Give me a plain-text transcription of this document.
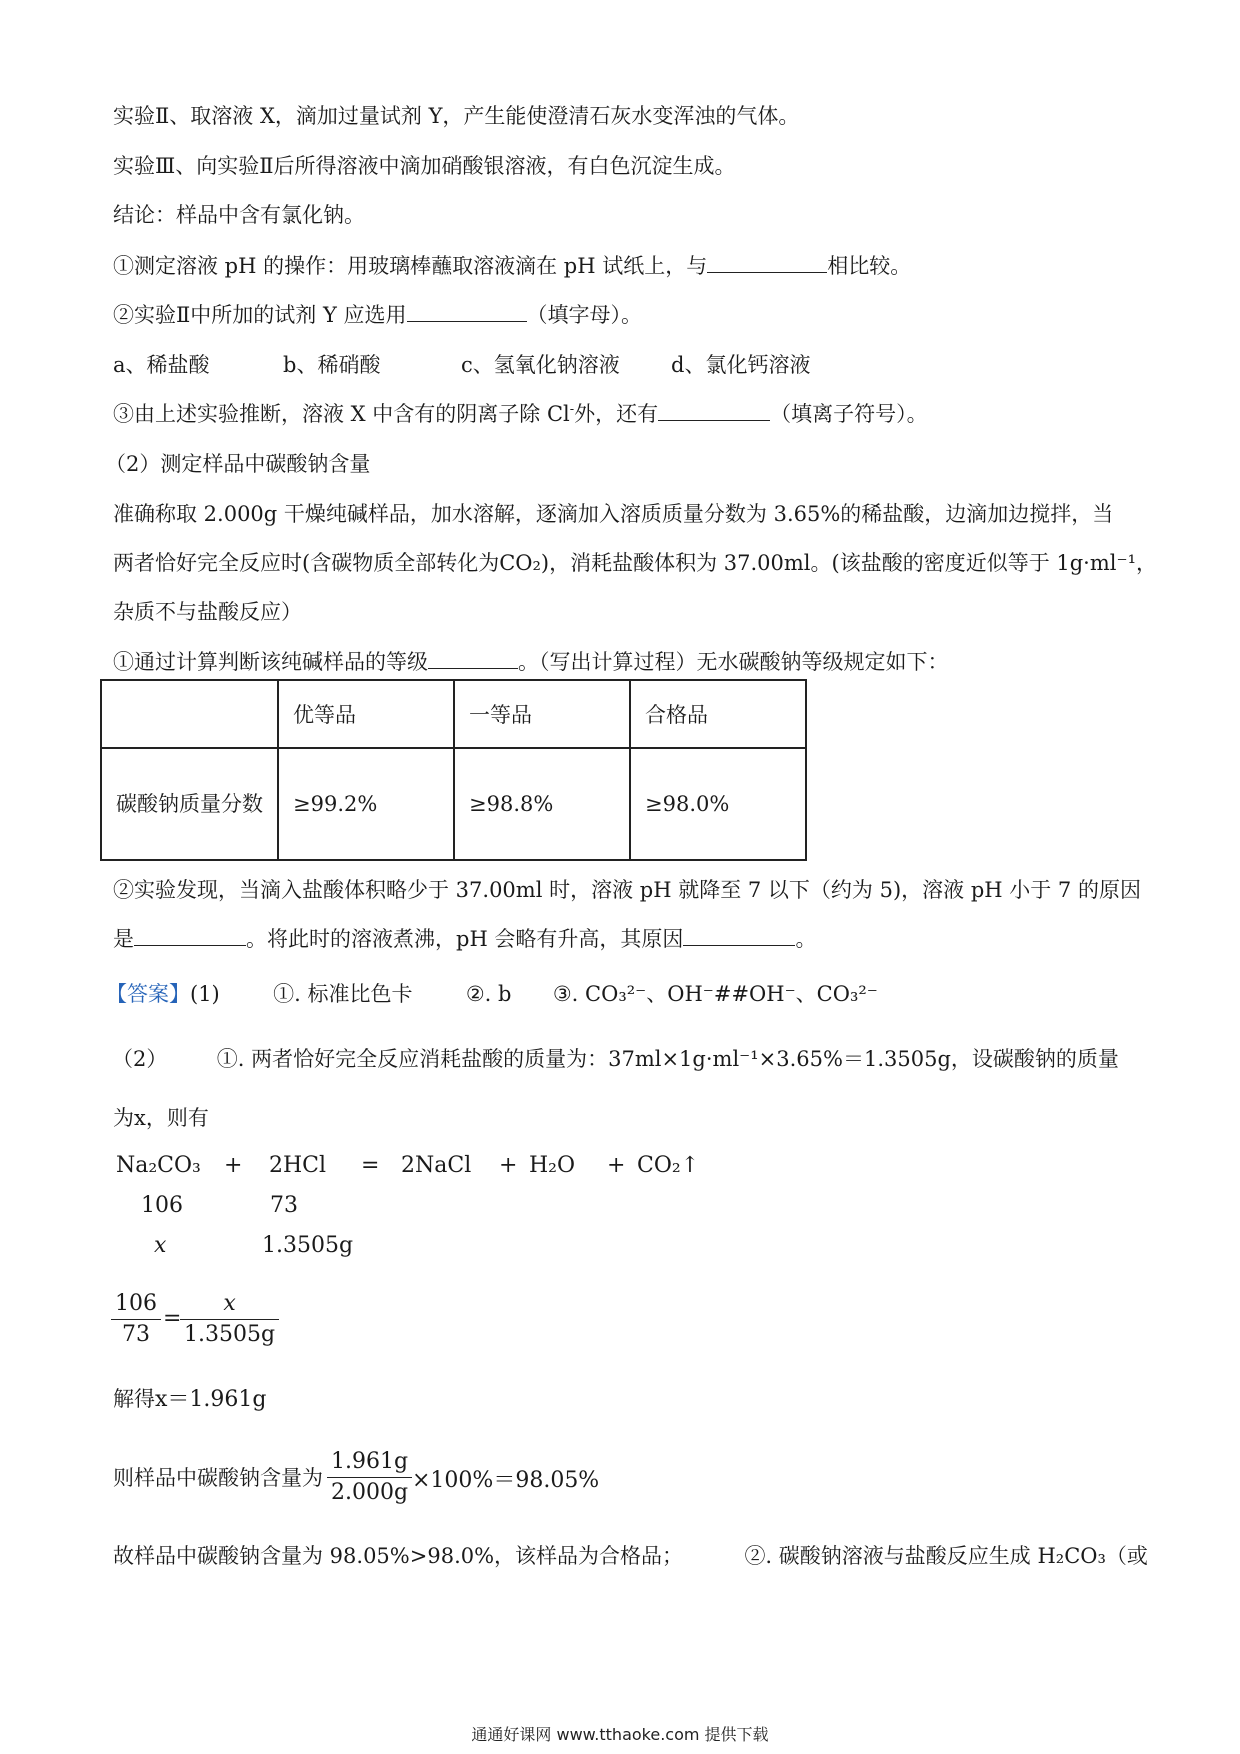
实验Ⅱ、取溶液 X，滴加过量试剂 Y，产生能使澄清石灰水变浑浊的气体。
实验Ⅲ、向实验Ⅱ后所得溶液中滴加硝酸银溶液，有白色沉淀生成。
结论：样品中含有氯化钠。
①测定溶液 pH 的操作：用玻璃棒蘸取溶液滴在 pH 试纸上，与	相比较。
②实验Ⅱ中所加的试剂 Y 应选用	（填字母）。
a、稀盐酸	b、稀硝酸	c、氢氧化钠溶液 d、氯化钙溶液
③由上述实验推断，溶液 X 中含有的阴离子除 Cl-外，还有	（填离子符号）。
（2）测定样品中碳酸钠含量
准确称取 2.000g 干燥纯碱样品，加水溶解，逐滴加入溶质质量分数为 3.65%的稀盐酸，边滴加边搅拌，当
两者恰好完全反应时(含碳物质全部转化为CO₂)，消耗盐酸体积为 37.00ml。(该盐酸的密度近似等于 1g·ml⁻¹，
杂质不与盐酸反应）
①通过计算判断该纯碱样品的等级	。（写出计算过程）无水碳酸钠等级规定如下：
	优等品	一等品	合格品
碳酸钠质量分数	≥99.2%	≥98.8%	≥98.0%
②实验发现，当滴入盐酸体积略少于 37.00ml 时，溶液 pH 就降至 7 以下（约为 5)，溶液 pH 小于 7 的原因
是	。将此时的溶液煮沸，pH 会略有升高，其原因	。
【答案】(1)	①. 标准比色卡	②. b ③. CO₃²⁻、OH⁻##OH⁻、CO₃²⁻
（2） ①. 两者恰好完全反应消耗盐酸的质量为：37ml×1g·ml⁻¹×3.65%＝1.3505g，设碳酸钠的质量
为x，则有
Na₂CO₃ + 2HCl = 2NaCl + H₂O + CO₂↑
106	73
x	1.3505g
$\frac{106}{73}$ =
$\frac{x}{1.3505g}$
解得x＝1.961g
则样品中碳酸钠含量为 $\frac{1.961g}{2.000g} \times 100\%=98.05\%$
故样品中碳酸钠含量为 98.05%>98.0%，该样品为合格品；	②. 碳酸钠溶液与盐酸反应生成 H₂CO₃（或
通通好课网 www.tthaoke.com 提供下载
